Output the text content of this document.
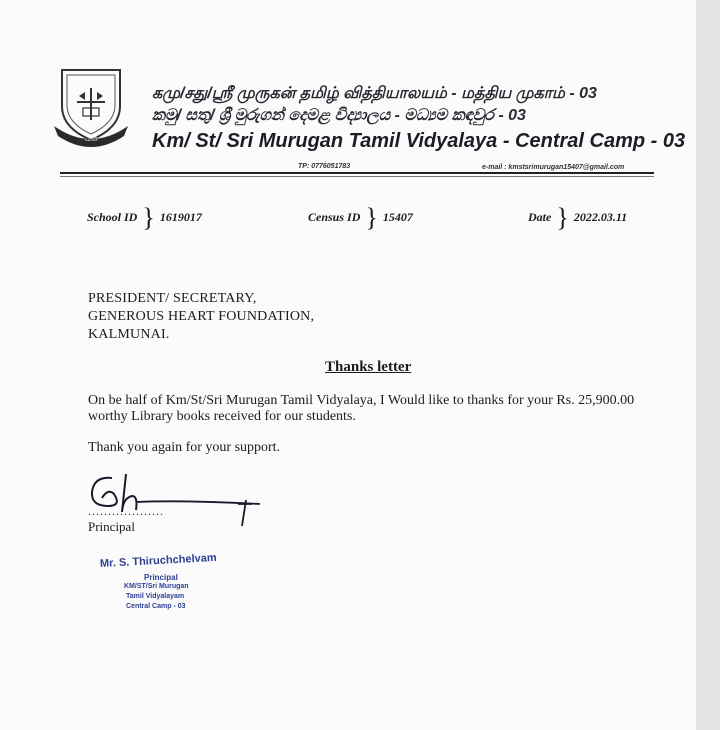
கல்வி
கமு/சது/ஸ்ரீ முருகன் தமிழ் வித்தியாலயம் - மத்திய முகாம் - 03
කමු/ සතු/ ශ්‍රී මුරුගන් දෙමළ විද්‍යාලය - මධ්‍යම කඳවුර - 03
Km/ St/ Sri Murugan Tamil Vidyalaya - Central Camp - 03
TP: 0776051783	e-mail : kmstsrimurugan15407@gmail.com
School ID } 1619017	Census ID } 15407	Date } 2022.03.11
PRESIDENT/ SECRETARY,
GENEROUS HEART FOUNDATION,
KALMUNAI.
Thanks letter
On be half of Km/St/Sri Murugan Tamil Vidyalaya, I Would like to thanks for your Rs. 25,900.00
worthy Library books received for our students.
Thank you again for your support.
...................
Principal
Mr. S. Thiruchchelvam
Principal
KM/ST/Sri Murugan
Tamil Vidyalayam
Central Camp - 03
